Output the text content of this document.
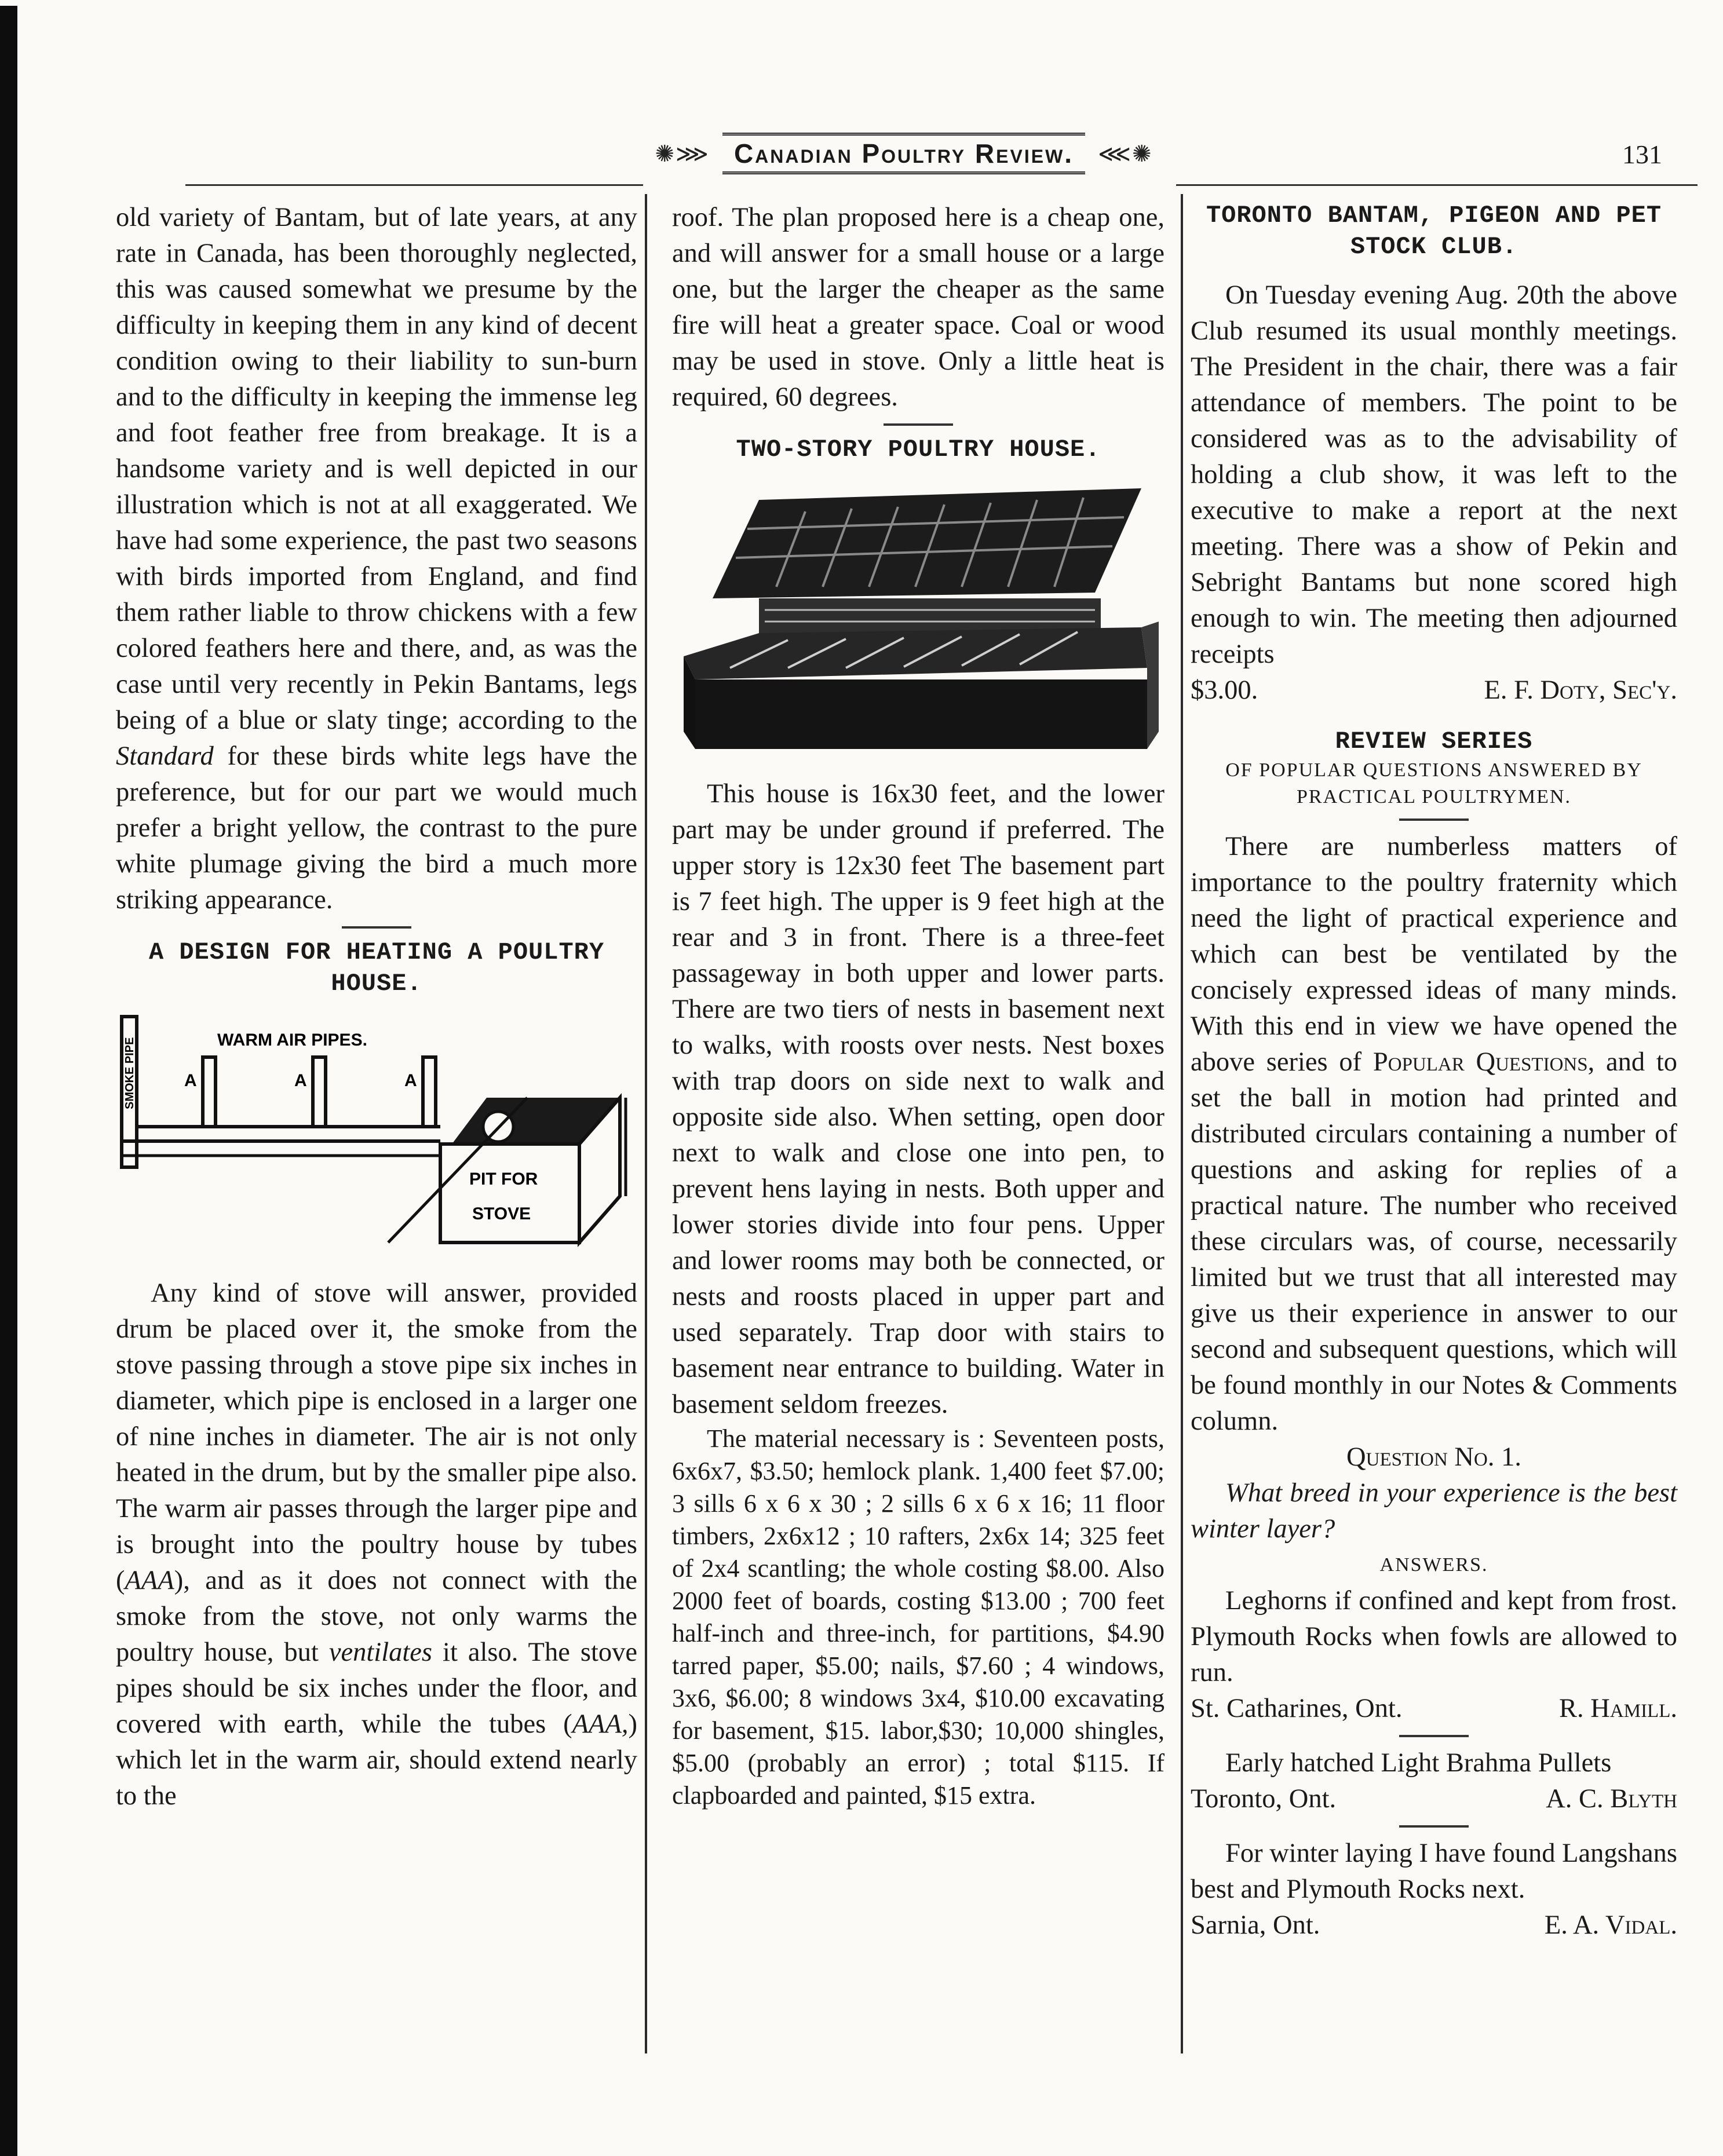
✺⋙ Canadian Poultry Review.	⋘✺	131

old variety of Bantam, but of late years, at any rate in Canada, has been thoroughly neglected, this was caused somewhat we presume by the difficulty in keeping them in any kind of decent condition owing to their liability to sun-burn and to the difficulty in keeping the immense leg and foot feather free from breakage. It is a handsome variety and is well depicted in our illustration which is not at all exaggerated. We have had some experience, the past two seasons with birds imported from England, and find them rather liable to throw chickens with a few colored feathers here and there, and, as was the case until very recently in Pekin Bantams, legs being of a blue or slaty tinge; according to the Standard for these birds white legs have the preference, but for our part we would much prefer a bright yellow, the contrast to the pure white plumage giving the bird a much more striking appearance.

A DESIGN FOR HEATING A POULTRY HOUSE.

SMOKE PIPE	WARM AIR PIPES.
A	A	A
PIT FOR
STOVE

Any kind of stove will answer, provided drum be placed over it, the smoke from the stove passing through a stove pipe six inches in diameter, which pipe is enclosed in a larger one of nine inches in diameter. The air is not only heated in the drum, but by the smaller pipe also. The warm air passes through the larger pipe and is brought into the poultry house by tubes (AAA), and as it does not connect with the smoke from the stove, not only warms the poultry house, but ventilates it also. The stove pipes should be six inches under the floor, and covered with earth, while the tubes (AAA,) which let in the warm air, should extend nearly to the

roof. The plan proposed here is a cheap one, and will answer for a small house or a large one, but the larger the cheaper as the same fire will heat a greater space. Coal or wood may be used in stove. Only a little heat is required, 60 degrees.

TWO-STORY POULTRY HOUSE.

This house is 16x30 feet, and the lower part may be under ground if preferred. The upper story is 12x30 feet The basement part is 7 feet high. The upper is 9 feet high at the rear and 3 in front. There is a three-feet passageway in both upper and lower parts. There are two tiers of nests in basement next to walks, with roosts over nests. Nest boxes with trap doors on side next to walk and opposite side also. When setting, open door next to walk and close one into pen, to prevent hens laying in nests. Both upper and lower stories divide into four pens. Upper and lower rooms may both be connected, or nests and roosts placed in upper part and used separately. Trap door with stairs to basement near entrance to building. Water in basement seldom freezes.

The material necessary is : Seventeen posts, 6x6x7, $3.50; hemlock plank. 1,400 feet $7.00; 3 sills 6 x 6 x 30 ; 2 sills 6 x 6 x 16; 11 floor timbers, 2x6x12 ; 10 rafters, 2x6x 14; 325 feet of 2x4 scantling; the whole costing $8.00. Also 2000 feet of boards, costing $13.00 ; 700 feet half-inch and three-inch, for partitions, $4.90 tarred paper, $5.00; nails, $7.60 ; 4 windows, 3x6, $6.00; 8 windows 3x4, $10.00 excavating for basement, $15. labor,$30; 10,000 shingles, $5.00 (probably an error) ; total $115. If clapboarded and painted, $15 extra.

TORONTO BANTAM, PIGEON AND PET STOCK CLUB.

On Tuesday evening Aug. 20th the above Club resumed its usual monthly meetings. The President in the chair, there was a fair attendance of members. The point to be considered was as to the advisability of holding a club show, it was left to the executive to make a report at the next meeting. There was a show of Pekin and Sebright Bantams but none scored high enough to win. The meeting then adjourned receipts

$3.00.	E. F. Doty, Sec'y.

REVIEW SERIES

OF POPULAR QUESTIONS ANSWERED BY PRACTICAL POULTRYMEN.

There are numberless matters of importance to the poultry fraternity which need the light of practical experience and which can best be ventilated by the concisely expressed ideas of many minds. With this end in view we have opened the above series of Popular Questions, and to set the ball in motion had printed and distributed circulars containing a number of questions and asking for replies of a practical nature. The number who received these circulars was, of course, necessarily limited but we trust that all interested may give us their experience in answer to our second and subsequent questions, which will be found monthly in our Notes & Comments column.

Question No. 1.

What breed in your experience is the best winter layer?

ANSWERS.

Leghorns if confined and kept from frost. Plymouth Rocks when fowls are allowed to run.

St. Catharines, Ont.	R. Hamill.

Early hatched Light Brahma Pullets

Toronto, Ont.	A. C. Blyth

For winter laying I have found Langshans best and Plymouth Rocks next.

Sarnia, Ont.	E. A. Vidal.
